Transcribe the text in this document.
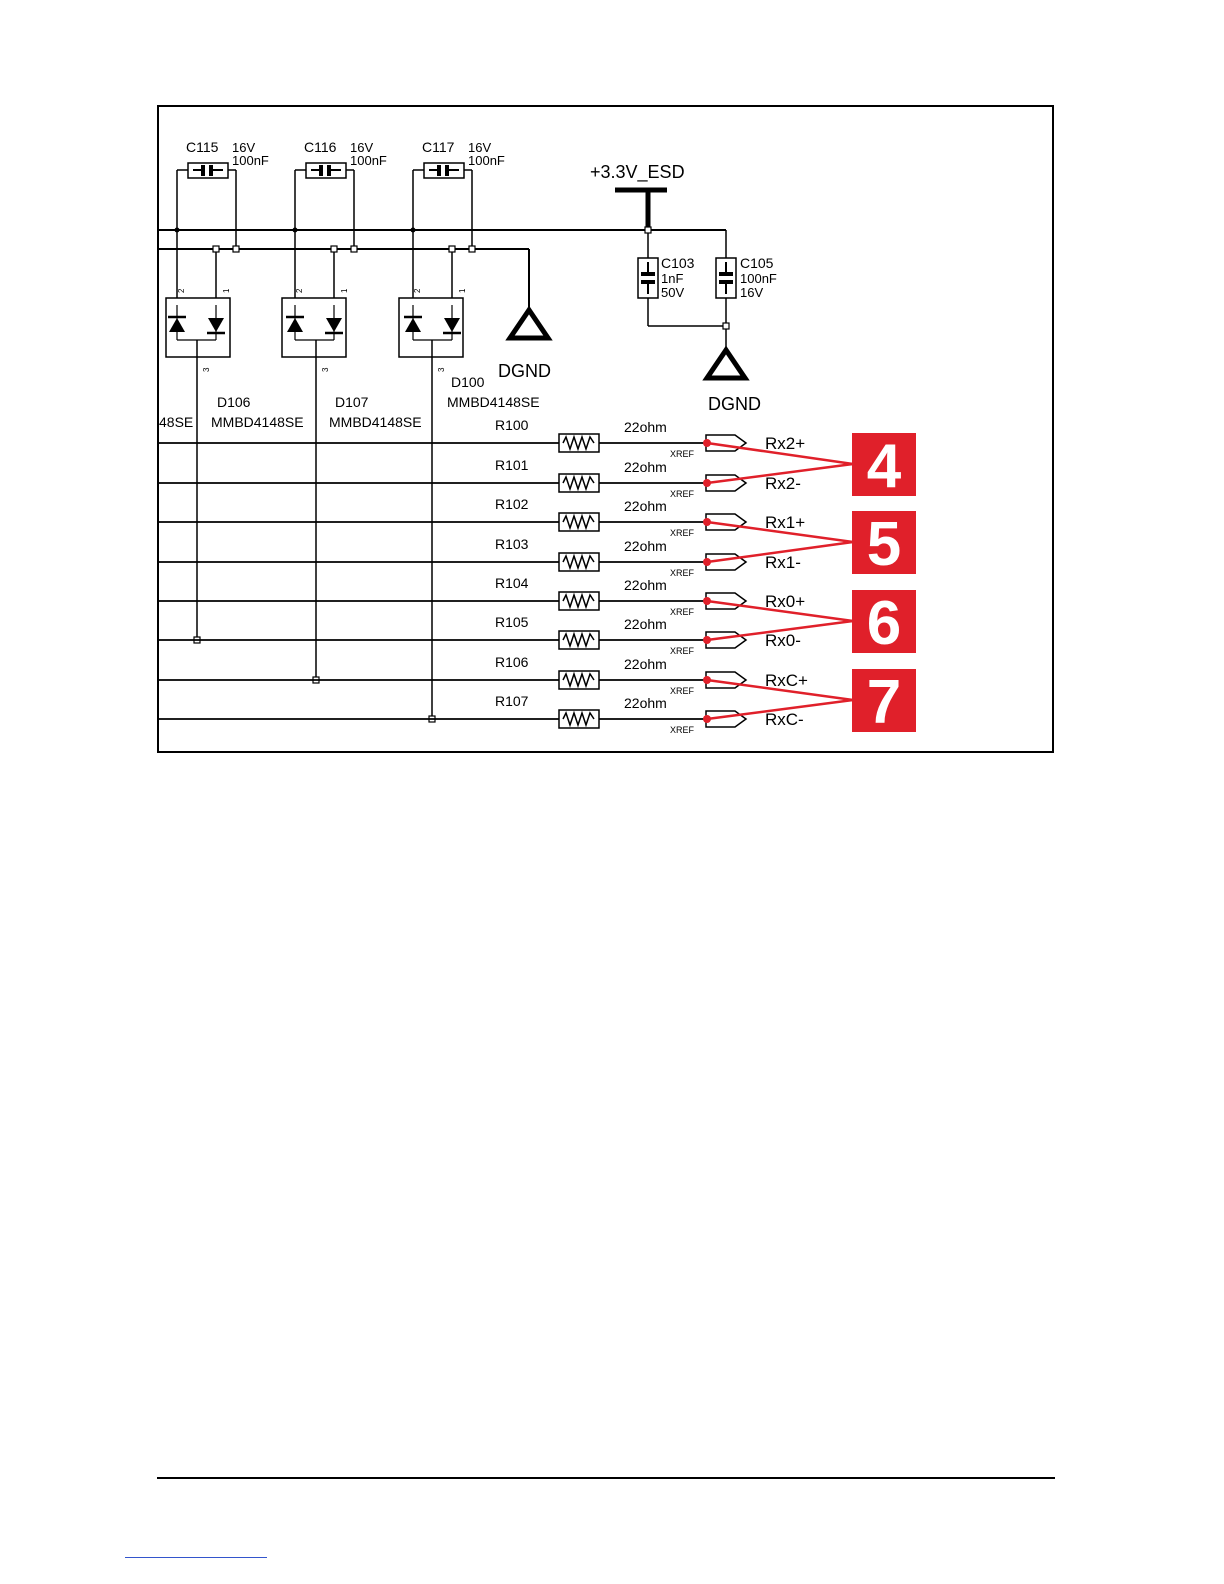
C115 16V
100nF
C116 16V
100nF
C117 16V
100nF
+3.3V_ESD
C103
1nF
50V
C105
100nF
16V
DGND
DGND
2	1
3
2	1
3
2	1
3
48SE
D106
MMBD4148SE
D107
MMBD4148SE
D100
MMBD4148SE
R100	22ohm
XREF
Rx2+
R101	22ohm
XREF
Rx2-
R102	22ohm
XREF
Rx1+
R103	22ohm
XREF
Rx1-
R104	22ohm
XREF
Rx0+
R105	22ohm
XREF
Rx0-
R106	22ohm
XREF
RxC+
R107	22ohm
XREF
RxC-
4
5
6
7
